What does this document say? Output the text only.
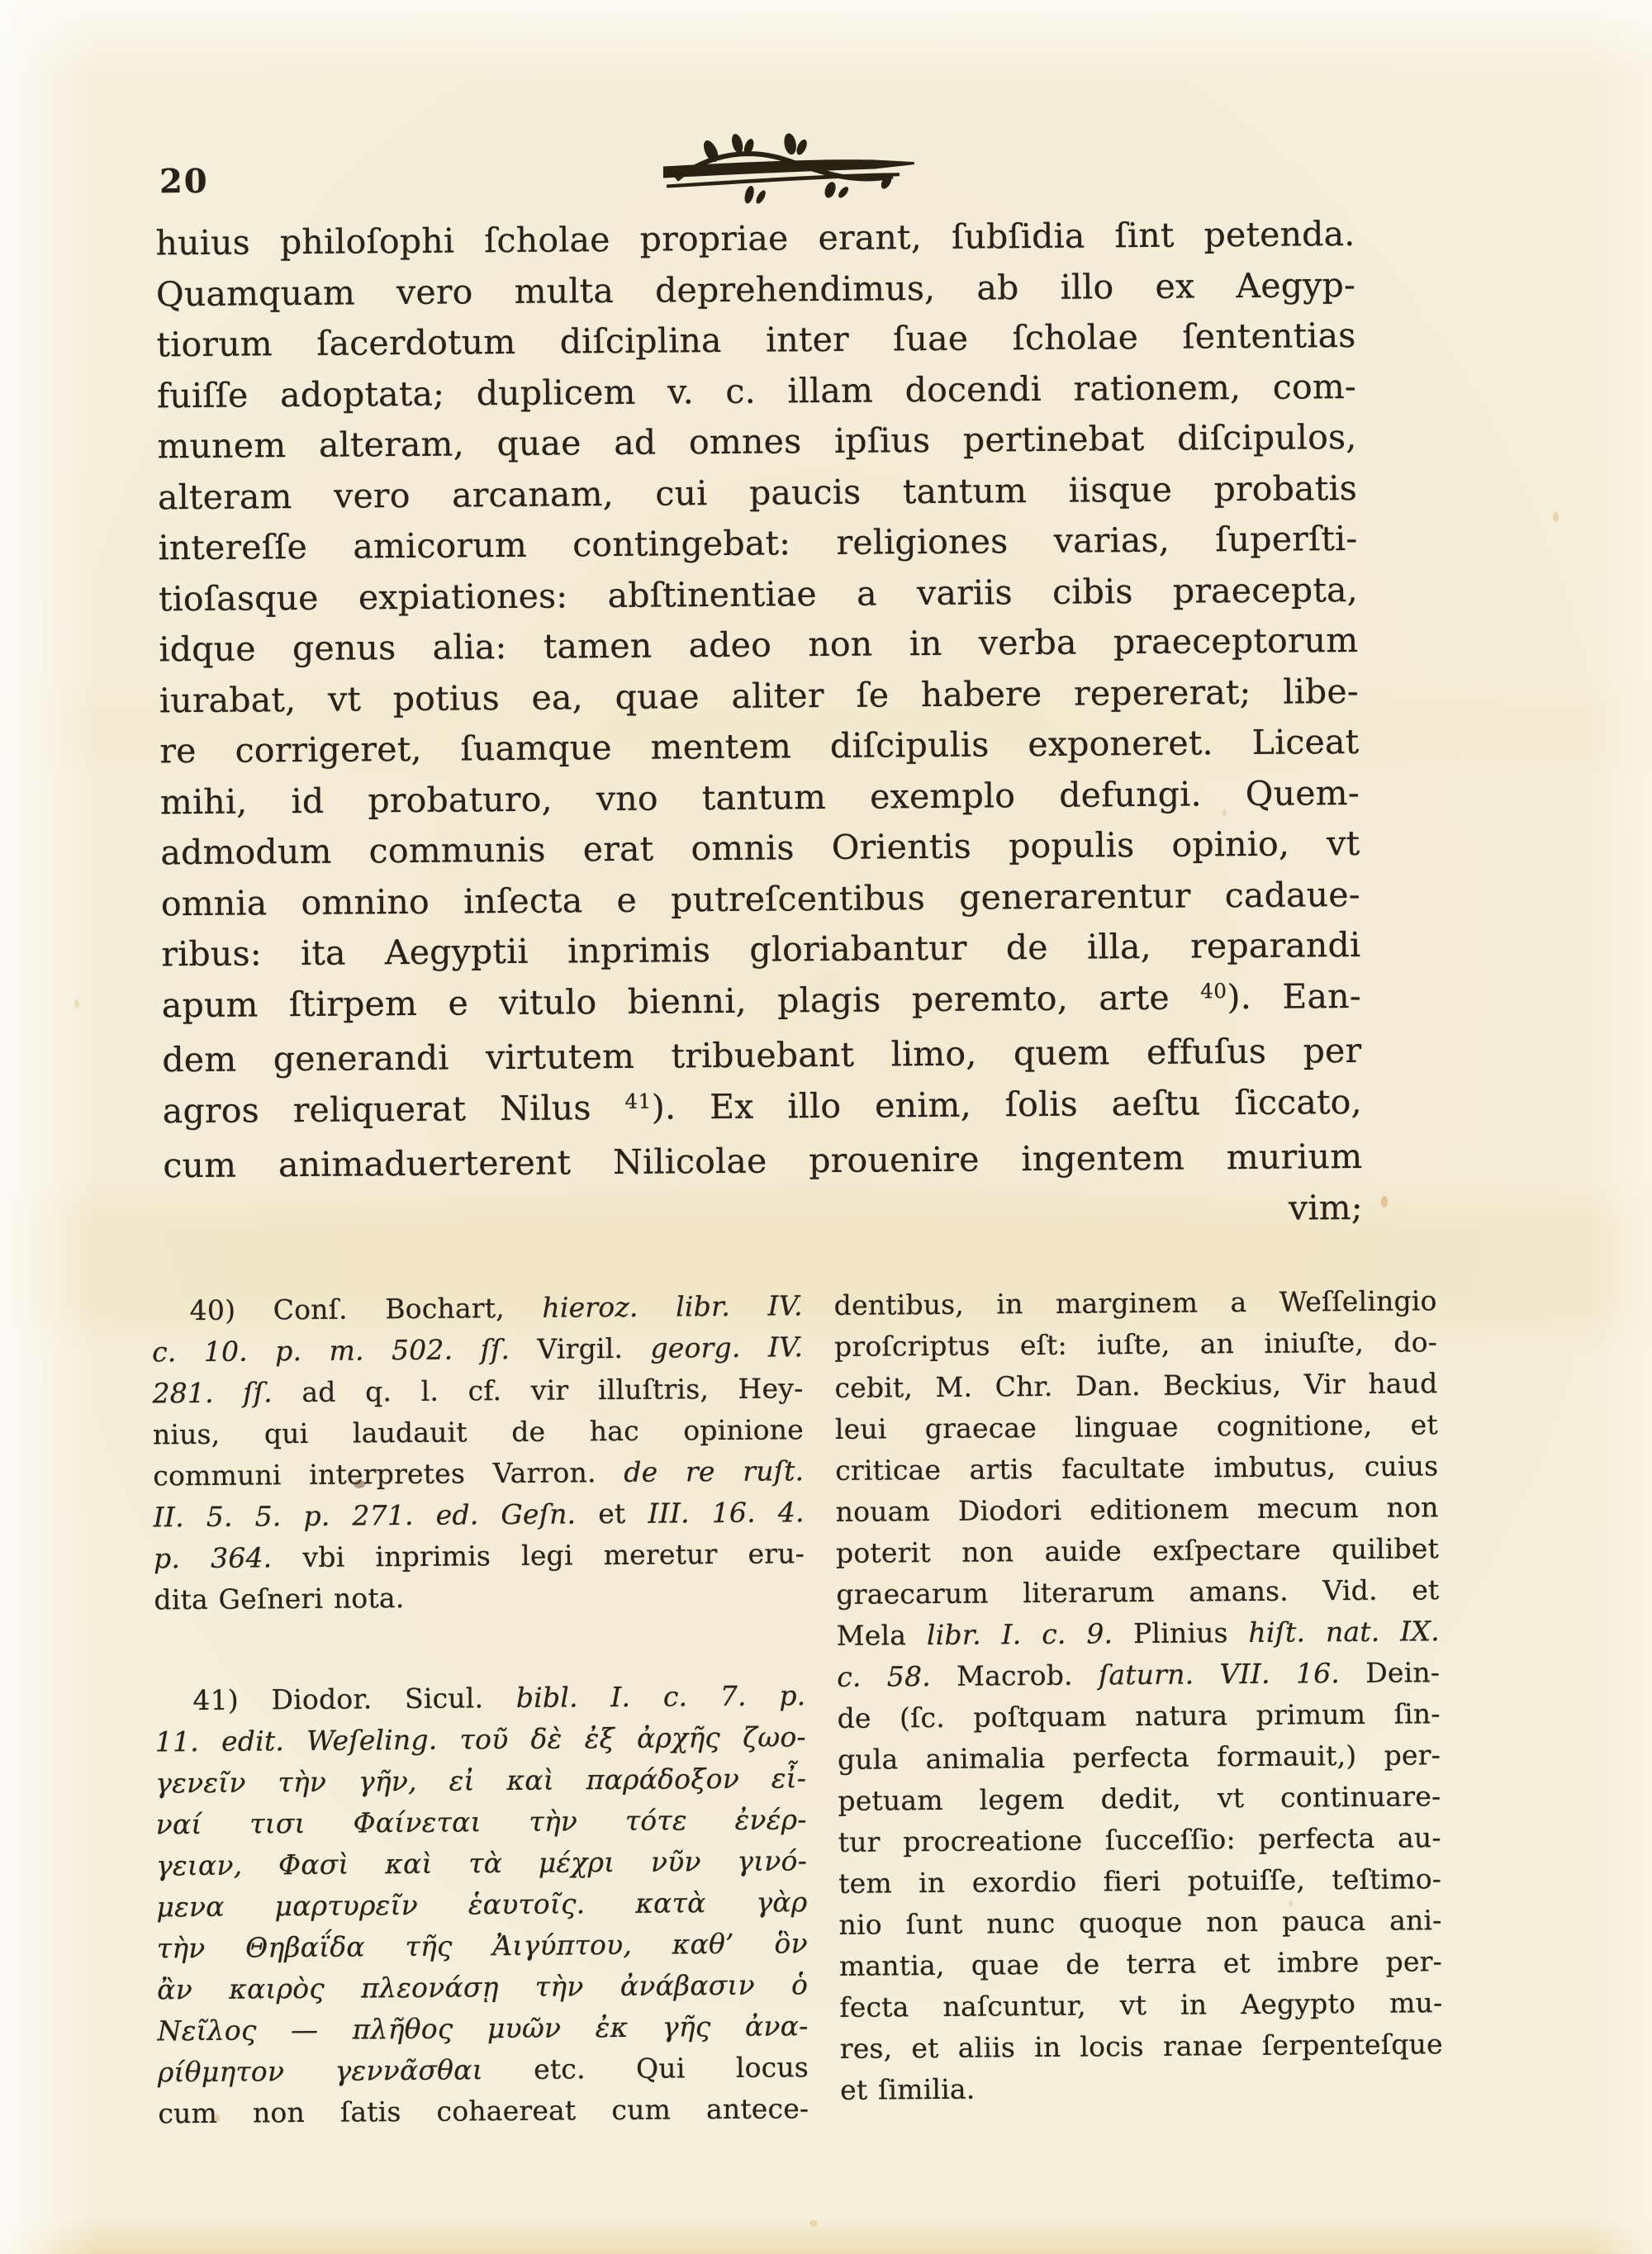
20
huius philoſophi ſcholae propriae erant, ſubſidia ſint petenda.
Quamquam vero multa deprehendimus, ab illo ex Aegyp-
tiorum ſacerdotum diſciplina inter ſuae ſcholae ſententias
fuiſſe adoptata; duplicem v. c. illam docendi rationem, com-
munem alteram, quae ad omnes ipſius pertinebat diſcipulos,
alteram vero arcanam, cui paucis tantum iisque probatis
intereſſe amicorum contingebat: religiones varias, ſuperſti-
tioſasque expiationes: abſtinentiae a variis cibis praecepta,
idque genus alia: tamen adeo non in verba praeceptorum
iurabat, vt potius ea, quae aliter ſe habere repererat; libe-
re corrigeret, ſuamque mentem diſcipulis exponeret. Liceat
mihi, id probaturo, vno tantum exemplo defungi. Quem-
admodum communis erat omnis Orientis populis opinio, vt
omnia omnino inſecta e putreſcentibus generarentur cadaue-
ribus: ita Aegyptii inprimis gloriabantur de illa, reparandi
apum ſtirpem e vitulo bienni, plagis peremto, arte $^{40}$). Ean-
dem generandi virtutem tribuebant limo, quem effuſus per
agros reliquerat Nilus $^{41}$). Ex illo enim, ſolis aeſtu ſiccato,
cum animaduerterent Nilicolae prouenire ingentem murium
vim;
40) Conſ. Bochart, hieroz. libr. IV.
c. 10. p. m. 502. ſſ. Virgil. georg. IV.
281. ſſ. ad q. l. cf. vir illuſtris, Hey-
nius, qui laudauit de hac opinione
communi interpretes Varron. de re ruſt.
II. 5. 5. p. 271. ed. Geſn. et III. 16. 4.
p. 364. vbi inprimis legi meretur eru-
dita Geſneri nota.
41) Diodor. Sicul. bibl. I. c. 7. p.
11. edit. Weſeling. τοῦ δὲ ἐξ ἀρχῆς ζωο-
γενεῖν τὴν γῆν, εἰ καὶ παράδοξον εἶ-
ναί τισι Φαίνεται τὴν τότε ἐνέρ-
γειαν, Φασὶ καὶ τὰ μέχρι νῦν γινό-
μενα μαρτυρεῖν ἑαυτοῖς. κατὰ γὰρ
τὴν Θηβαΐδα τῆς Ἀιγύπτου, καθ’ ὃν
ἂν καιρὸς πλεονάσῃ τὴν ἀνάβασιν ὁ
Νεῖλος — πλῆθος μυῶν ἐκ γῆς ἀνα-
ρίθμητον γεννᾶσθαι etc. Qui locus
cum non ſatis cohaereat cum antece-
dentibus, in marginem a Weſſelingio
proſcriptus eſt: iuſte, an iniuſte, do-
cebit, M. Chr. Dan. Beckius, Vir haud
leui graecae linguae cognitione, et
criticae artis facultate imbutus, cuius
nouam Diodori editionem mecum non
poterit non auide exſpectare quilibet
graecarum literarum amans. Vid. et
Mela libr. I. c. 9. Plinius hiſt. nat. IX.
c. 58. Macrob. ſaturn. VII. 16. Dein-
de (ſc. poſtquam natura primum ſin-
gula animalia perfecta formauit,) per-
petuam legem dedit, vt continuare-
tur procreatione ſucceſſio: perfecta au-
tem in exordio fieri potuiſſe, teſtimo-
nio ſunt nunc quoque non pauca ani-
mantia, quae de terra et imbre per-
fecta naſcuntur, vt in Aegypto mu-
res, et aliis in locis ranae ſerpenteſque
et ſimilia.
